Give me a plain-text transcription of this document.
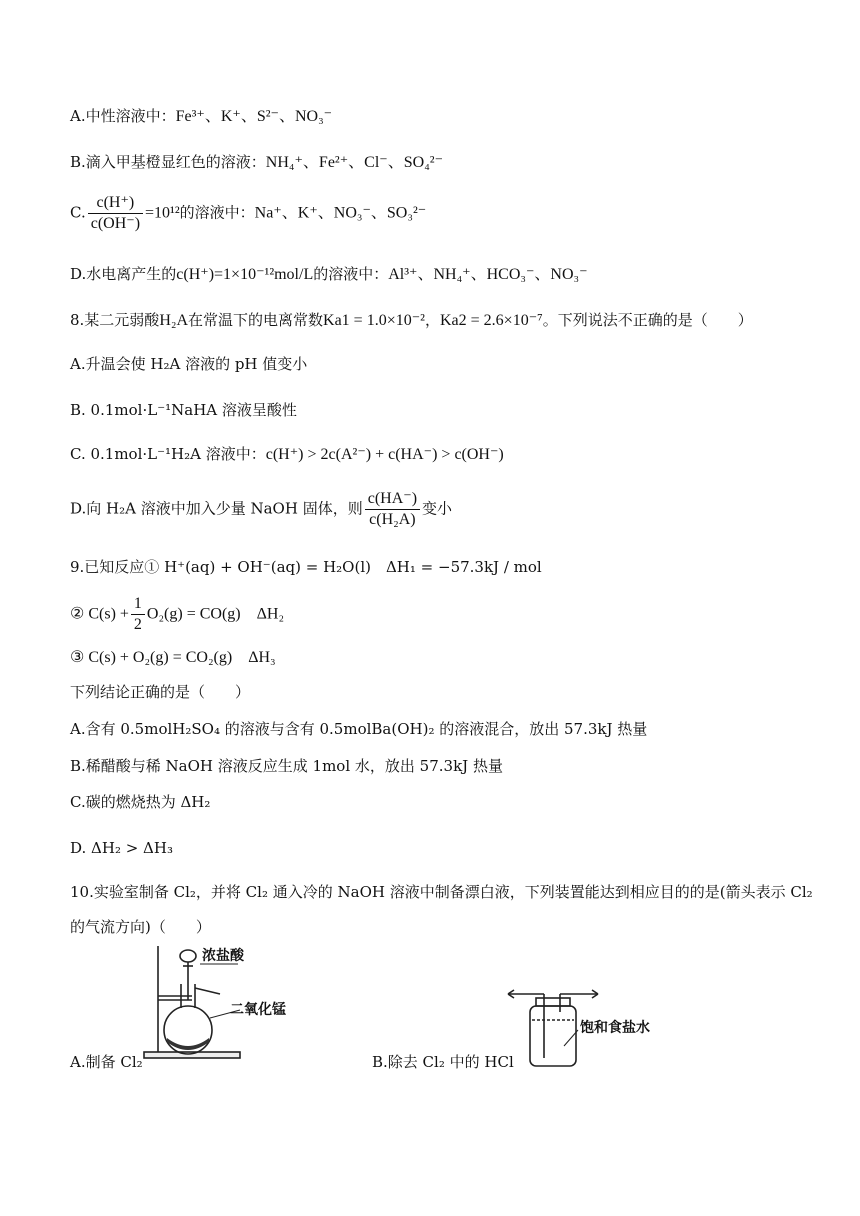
A.中性溶液中：Fe³⁺、K⁺、S²⁻、NO₃⁻
B.滴入甲基橙显红色的溶液：NH₄⁺、Fe²⁺、Cl⁻、SO₄²⁻
C. $\frac{c(H^+)}{c(OH^-)} =10^{12}$的溶液中：Na⁺、K⁺、NO₃⁻、SO₃²⁻
D.水电离产生的c(H⁺)=1×10⁻¹²mol/L的溶液中：Al³⁺、NH₄⁺、HCO₃⁻、NO₃⁻
8.某二元弱酸H₂A在常温下的电离常数Ka1 = 1.0×10⁻²，Ka2 = 2.6×10⁻⁷。下列说法不正确的是（　　）
A.升温会使 H₂A 溶液的 pH 值变小
B. 0.1mol·L⁻¹NaHA 溶液呈酸性
C. 0.1mol·L⁻¹H₂A 溶液中：c(H⁺) > 2c(A²⁻) + c(HA⁻) > c(OH⁻)
D.向 H₂A 溶液中加入少量 NaOH 固体，则 $\frac{c(HA^-)}{\text{c(H₂A)}}$ 变小
9.已知反应① H⁺(aq) + OH⁻(aq) = H₂O(l)　ΔH₁ = −57.3kJ / mol
② $C(s) + \frac{1}{2} O_2(g) = CO(g)$　ΔH₂
③ C(s) + O₂(g) = CO₂(g)　ΔH₃
下列结论正确的是（　　）
A.含有 0.5molH₂SO₄ 的溶液与含有 0.5molBa(OH)₂ 的溶液混合，放出 57.3kJ 热量
B.稀醋酸与稀 NaOH 溶液反应生成 1mol 水，放出 57.3kJ 热量
C.碳的燃烧热为 ΔH₂
D. ΔH₂ > ΔH₃
10.实验室制备 Cl₂，并将 Cl₂ 通入冷的 NaOH 溶液中制备漂白液，下列装置能达到相应目的的是(箭头表示 Cl₂
的气流方向)（　　）
浓盐酸
二氧化锰
饱和食盐水
A.制备 Cl₂	B.除去 Cl₂ 中的 HCl
